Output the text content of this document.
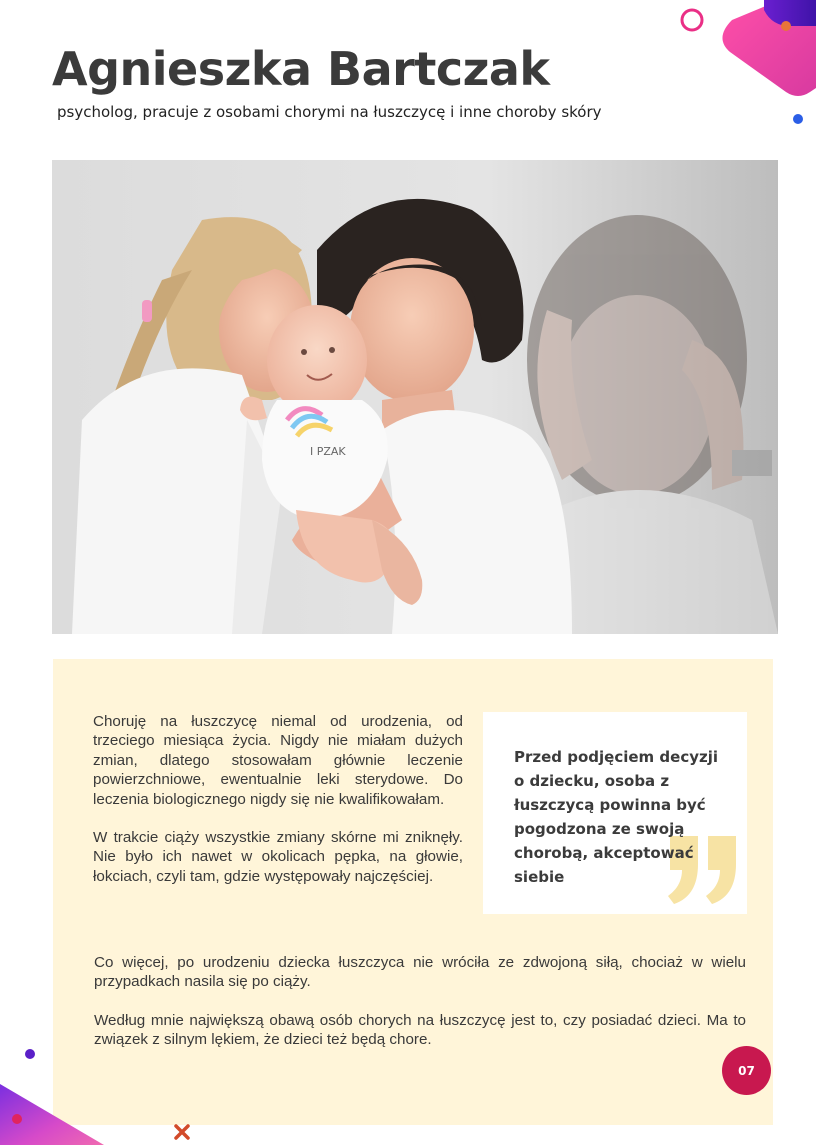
Agnieszka Bartczak
psycholog, pracuje z osobami chorymi na łuszczycę i inne choroby skóry
I PZAK

Choruję na łuszczycę niemal od urodzenia, od trzeciego miesiąca życia. Nigdy nie miałam dużych zmian, dlatego stosowałam głównie leczenie powierzchniowe, ewentualnie leki sterydowe. Do leczenia biologicznego nigdy się nie kwalifikowałam.

W trakcie ciąży wszystkie zmiany skórne mi zniknęły. Nie było ich nawet w okolicach pępka, na głowie, łokciach, czyli tam, gdzie występowały najczęściej.

Przed podjęciem decyzji o dziecku, osoba z łuszczycą powinna być pogodzona ze swoją chorobą, akceptować siebie

Co więcej, po urodzeniu dziecka łuszczyca nie wróciła ze zdwojoną siłą, chociaż w wielu przypadkach nasila się po ciąży.

Według mnie największą obawą osób chorych na łuszczycę jest to, czy posiadać dzieci. Ma to związek z silnym lękiem, że dzieci też będą chore.

07
